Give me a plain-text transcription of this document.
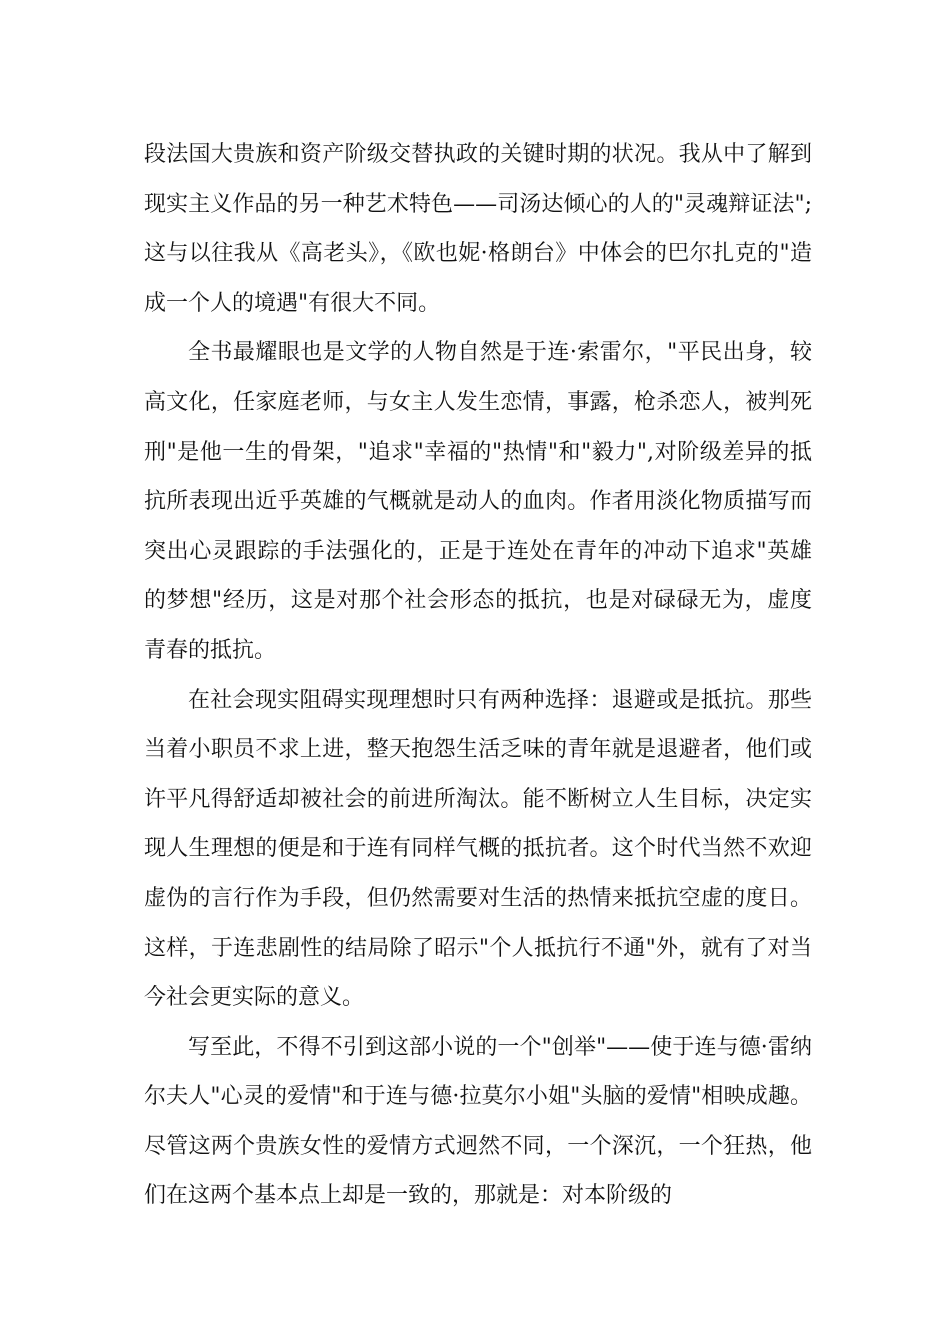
段法国大贵族和资产阶级交替执政的关键时期的状况。我从中了解到现实主义作品的另一种艺术特色——司汤达倾心的人的"灵魂辩证法";这与以往我从《高老头》，《欧也妮·格朗台》中体会的巴尔扎克的"造成一个人的境遇"有很大不同。

全书最耀眼也是文学的人物自然是于连·索雷尔，"平民出身，较高文化，任家庭老师，与女主人发生恋情，事露，枪杀恋人，被判死刑"是他一生的骨架，"追求"幸福的"热情"和"毅力",对阶级差异的抵抗所表现出近乎英雄的气概就是动人的血肉。作者用淡化物质描写而突出心灵跟踪的手法强化的，正是于连处在青年的冲动下追求"英雄的梦想"经历，这是对那个社会形态的抵抗，也是对碌碌无为，虚度青春的抵抗。

在社会现实阻碍实现理想时只有两种选择：退避或是抵抗。那些当着小职员不求上进，整天抱怨生活乏味的青年就是退避者，他们或许平凡得舒适却被社会的前进所淘汰。能不断树立人生目标，决定实现人生理想的便是和于连有同样气概的抵抗者。这个时代当然不欢迎虚伪的言行作为手段，但仍然需要对生活的热情来抵抗空虚的度日。这样，于连悲剧性的结局除了昭示"个人抵抗行不通"外，就有了对当今社会更实际的意义。

写至此，不得不引到这部小说的一个"创举"——使于连与德·雷纳尔夫人"心灵的爱情"和于连与德·拉莫尔小姐"头脑的爱情"相映成趣。尽管这两个贵族女性的爱情方式迥然不同，一个深沉，一个狂热，他们在这两个基本点上却是一致的，那就是：对本阶级的
